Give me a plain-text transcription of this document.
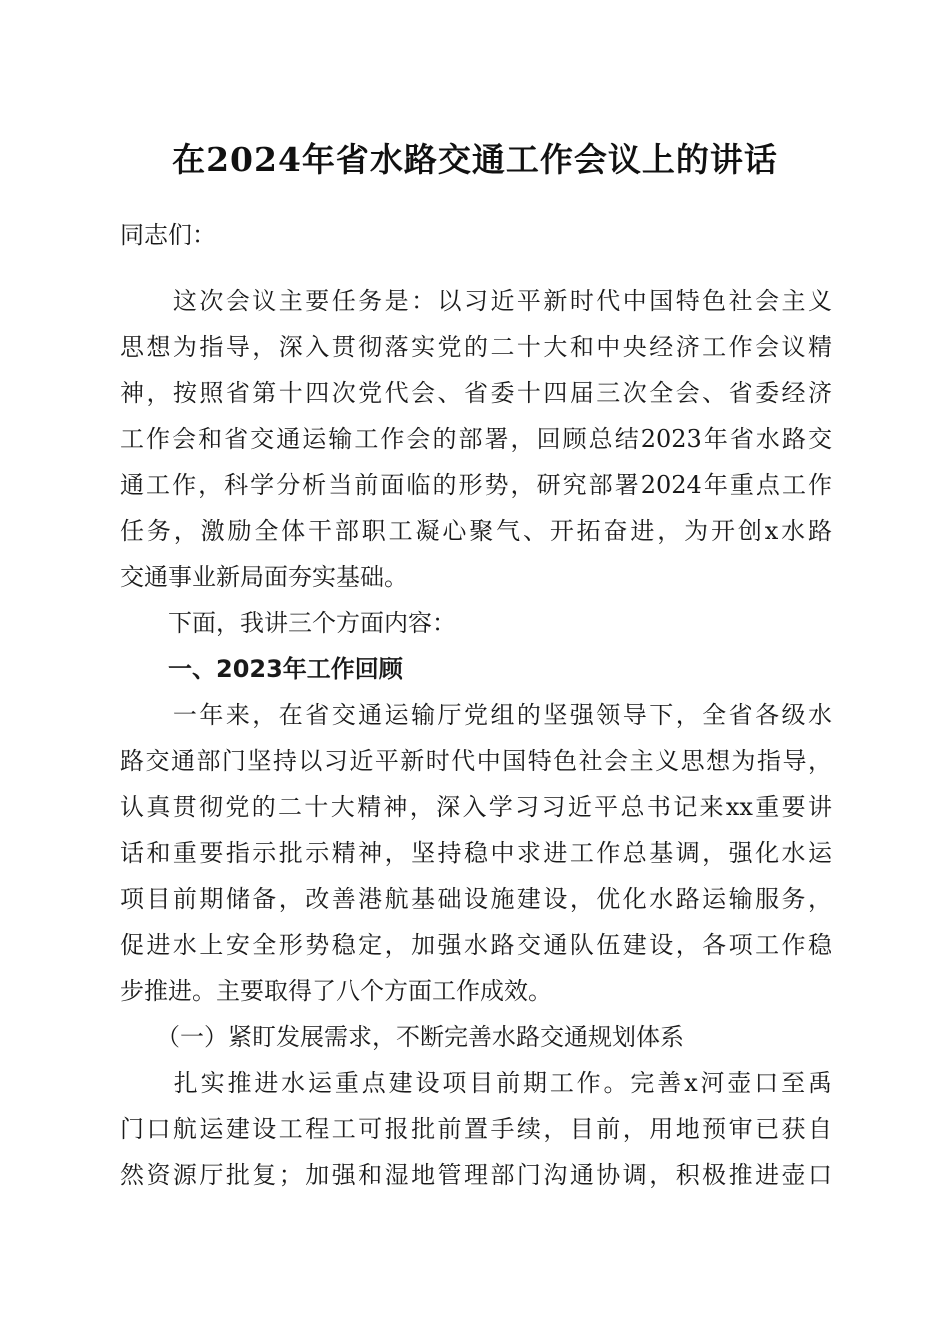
在2024年省水路交通工作会议上的讲话
同志们：
　　这次会议主要任务是：以习近平新时代中国特色社会主义
思想为指导，深入贯彻落实党的二十大和中央经济工作会议精
神，按照省第十四次党代会、省委十四届三次全会、省委经济
工作会和省交通运输工作会的部署，回顾总结2023年省水路交
通工作，科学分析当前面临的形势，研究部署2024年重点工作
任务，激励全体干部职工凝心聚气、开拓奋进，为开创x水路
交通事业新局面夯实基础。
　　下面，我讲三个方面内容：
　　一、2023年工作回顾
　　一年来，在省交通运输厅党组的坚强领导下，全省各级水
路交通部门坚持以习近平新时代中国特色社会主义思想为指导，
认真贯彻党的二十大精神，深入学习习近平总书记来xx重要讲
话和重要指示批示精神，坚持稳中求进工作总基调，强化水运
项目前期储备，改善港航基础设施建设，优化水路运输服务，
促进水上安全形势稳定，加强水路交通队伍建设，各项工作稳
步推进。主要取得了八个方面工作成效。
　　（一）紧盯发展需求，不断完善水路交通规划体系
　　扎实推进水运重点建设项目前期工作。完善x河壶口至禹
门口航运建设工程工可报批前置手续，目前，用地预审已获自
然资源厅批复；加强和湿地管理部门沟通协调，积极推进壶口
